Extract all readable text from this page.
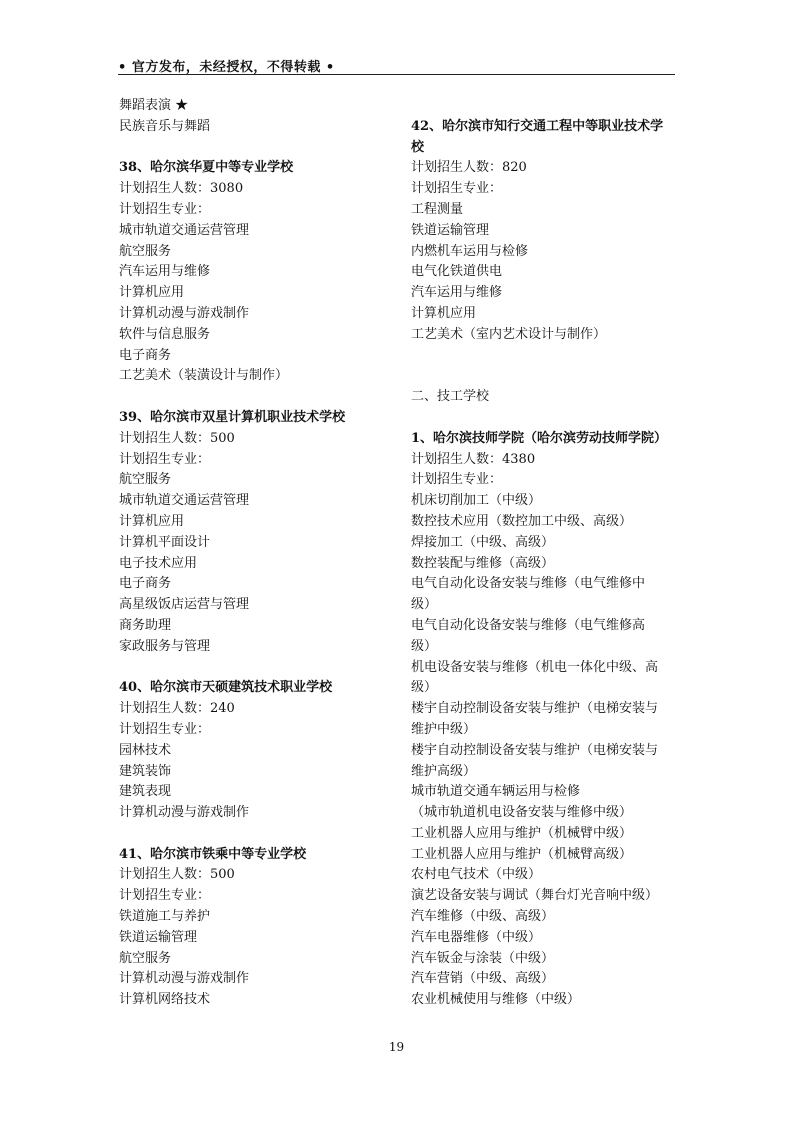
• 官方发布，未经授权，不得转载 •
舞蹈表演 ★
民族音乐与舞蹈
38、哈尔滨华夏中等专业学校
计划招生人数：3080
计划招生专业：
城市轨道交通运营管理
航空服务
汽车运用与维修
计算机应用
计算机动漫与游戏制作
软件与信息服务
电子商务
工艺美术（装潢设计与制作）
39、哈尔滨市双星计算机职业技术学校
计划招生人数：500
计划招生专业：
航空服务
城市轨道交通运营管理
计算机应用
计算机平面设计
电子技术应用
电子商务
高星级饭店运营与管理
商务助理
家政服务与管理
40、哈尔滨市天硕建筑技术职业学校
计划招生人数：240
计划招生专业：
园林技术
建筑装饰
建筑表现
计算机动漫与游戏制作
41、哈尔滨市铁乘中等专业学校
计划招生人数：500
计划招生专业：
铁道施工与养护
铁道运输管理
航空服务
计算机动漫与游戏制作
计算机网络技术
42、哈尔滨市知行交通工程中等职业技术学
校
计划招生人数：820
计划招生专业：
工程测量
铁道运输管理
内燃机车运用与检修
电气化铁道供电
汽车运用与维修
计算机应用
工艺美术（室内艺术设计与制作）
二、技工学校
1、哈尔滨技师学院（哈尔滨劳动技师学院）
计划招生人数：4380
计划招生专业：
机床切削加工（中级）
数控技术应用（数控加工中级、高级）
焊接加工（中级、高级）
数控装配与维修（高级）
电气自动化设备安装与维修（电气维修中
级）
电气自动化设备安装与维修（电气维修高
级）
机电设备安装与维修（机电一体化中级、高
级）
楼宇自动控制设备安装与维护（电梯安装与
维护中级）
楼宇自动控制设备安装与维护（电梯安装与
维护高级）
城市轨道交通车辆运用与检修
（城市轨道机电设备安装与维修中级）
工业机器人应用与维护（机械臂中级）
工业机器人应用与维护（机械臂高级）
农村电气技术（中级）
演艺设备安装与调试（舞台灯光音响中级）
汽车维修（中级、高级）
汽车电器维修（中级）
汽车钣金与涂装（中级）
汽车营销（中级、高级）
农业机械使用与维修（中级）
19
